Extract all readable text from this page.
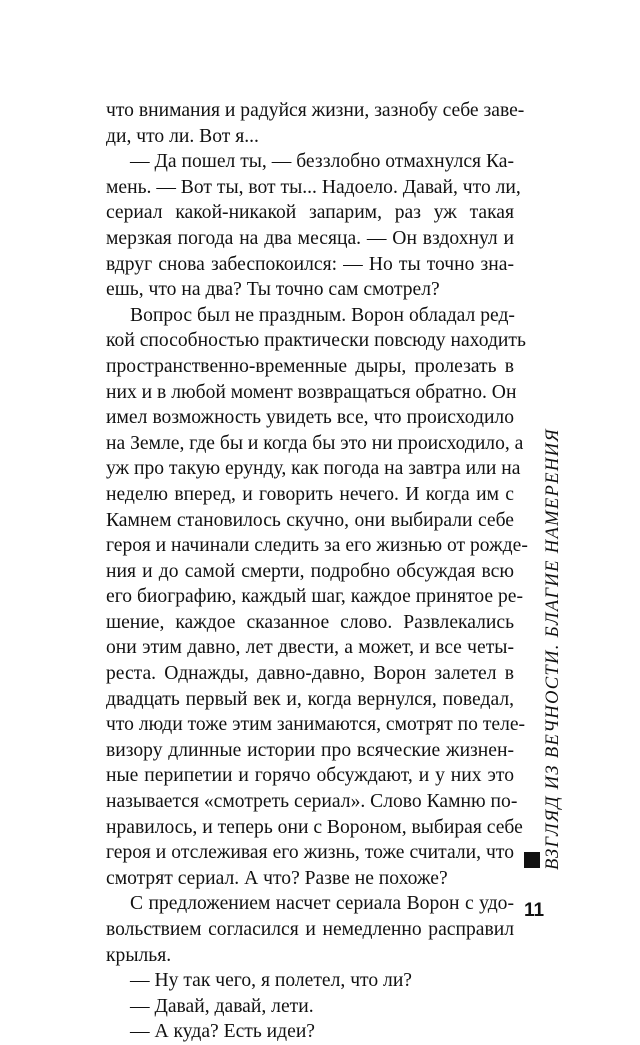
что внимания и радуйся жизни, зазнобу себе заве-
ди, что ли. Вот я...
— Да пошел ты, — беззлобно отмахнулся Ка-
мень. — Вот ты, вот ты... Надоело. Давай, что ли,
сериал какой-никакой запарим, раз уж такая
мерзкая погода на два месяца. — Он вздохнул и
вдруг снова забеспокоился: — Но ты точно зна-
ешь, что на два? Ты точно сам смотрел?
Вопрос был не праздным. Ворон обладал ред-
кой способностью практически повсюду находить
пространственно-временные дыры, пролезать в
них и в любой момент возвращаться обратно. Он
имел возможность увидеть все, что происходило
на Земле, где бы и когда бы это ни происходило, а
уж про такую ерунду, как погода на завтра или на
неделю вперед, и говорить нечего. И когда им с
Камнем становилось скучно, они выбирали себе
героя и начинали следить за его жизнью от рожде-
ния и до самой смерти, подробно обсуждая всю
его биографию, каждый шаг, каждое принятое ре-
шение, каждое сказанное слово. Развлекались
они этим давно, лет двести, а может, и все четы-
реста. Однажды, давно-давно, Ворон залетел в
двадцать первый век и, когда вернулся, поведал,
что люди тоже этим занимаются, смотрят по теле-
визору длинные истории про всяческие жизнен-
ные перипетии и горячо обсуждают, и у них это
называется «смотреть сериал». Слово Камню по-
нравилось, и теперь они с Вороном, выбирая себе
героя и отслеживая его жизнь, тоже считали, что
смотрят сериал. А что? Разве не похоже?
С предложением насчет сериала Ворон с удо-
вольствием согласился и немедленно расправил
крылья.
— Ну так чего, я полетел, что ли?
— Давай, давай, лети.
— А куда? Есть идеи?
ВЗГЛЯД ИЗ ВЕЧНОСТИ. БЛАГИЕ НАМЕРЕНИЯ
11
